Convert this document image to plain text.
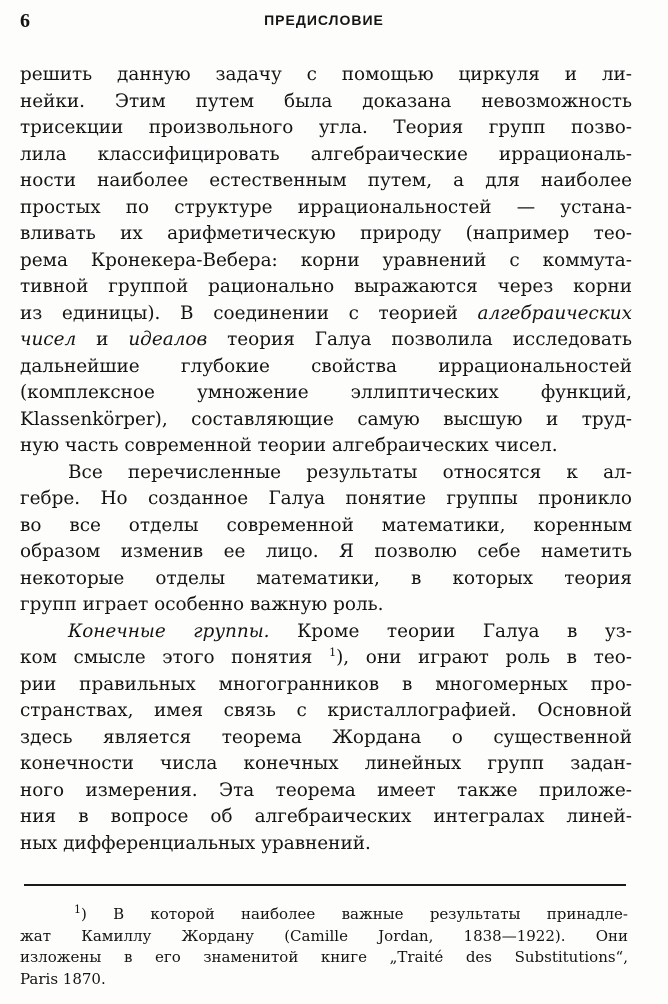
6	ПРЕДИСЛОВИЕ
решить данную задачу с помощью циркуля и ли-
нейки. Этим путем была доказана невозможность
трисекции произвольного угла. Теория групп позво-
лила классифицировать алгебраические иррациональ-
ности наиболее естественным путем, а для наиболее
простых по структуре иррациональностей — устана-
вливать их арифметическую природу (например тео-
рема Кронекера-Вебера: корни уравнений с коммута-
тивной группой рационально выражаются через корни
из единицы). В соединении с теорией алгебраических
чисел и идеалов теория Галуа позволила исследовать
дальнейшие глубокие свойства иррациональностей
(комплексное умножение эллиптических функций,
Klassenkörper), составляющие самую высшую и труд-
ную часть современной теории алгебраических чисел.
Все перечисленные результаты относятся к ал-
гебре. Но созданное Галуа понятие группы проникло
во все отделы современной математики, коренным
образом изменив ее лицо. Я позволю себе наметить
некоторые отделы математики, в которых теория
групп играет особенно важную роль.
Конечные группы. Кроме теории Галуа в уз-
ком смысле этого понятия $^1$), они играют роль в тео-
рии правильных многогранников в многомерных про-
странствах, имея связь с кристаллографией. Основной
здесь является теорема Жордана о существенной
конечности числа конечных линейных групп задан-
ного измерения. Эта теорема имеет также приложе-
ния в вопросе об алгебраических интегралах линей-
ных дифференциальных уравнений.
$^1$) В которой наиболее важные результаты принадле-
жат Камиллу Жордану (Camille Jordan, 1838—1922). Они
изложены в его знаменитой книге „Traité des Substitutions“,
Paris 1870.
